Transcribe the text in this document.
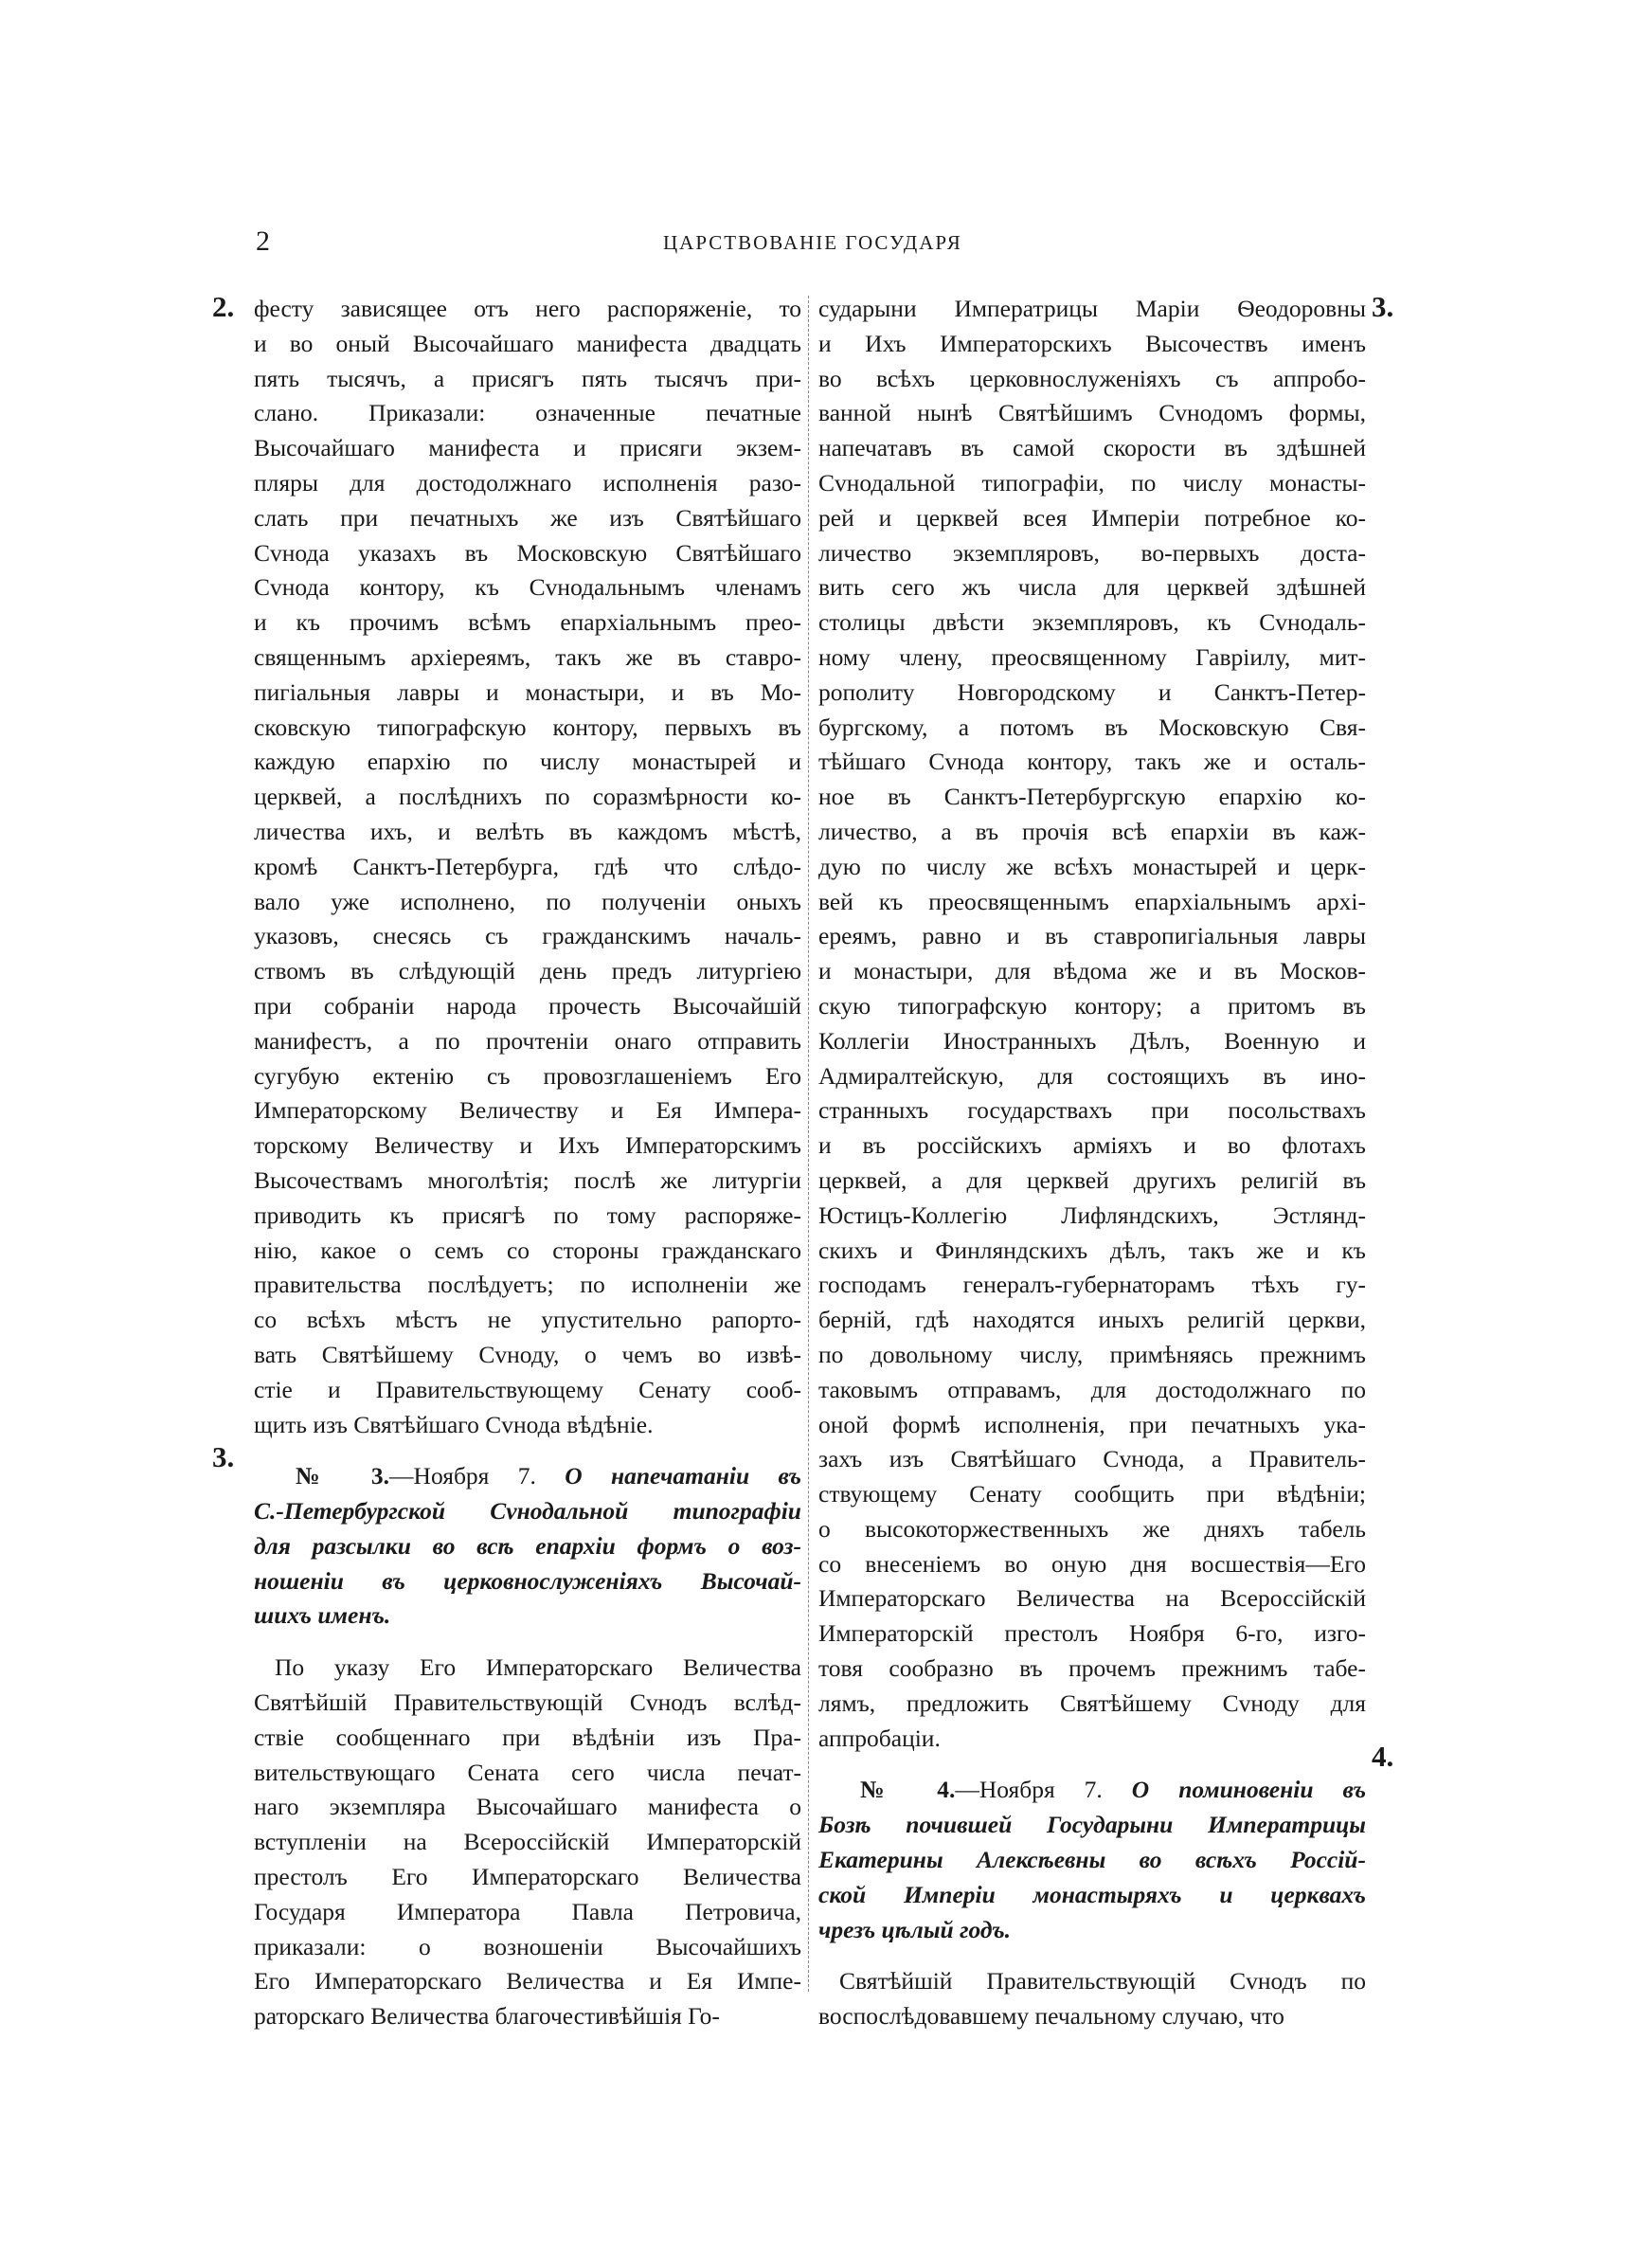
2	ЦАРСТВОВАНІЕ ГОСУДАРЯ
2.
3.
3.
4.
фесту зависящее отъ него распоряженіе, то
и во оный Высочайшаго манифеста двадцать
пять тысячъ, а присягъ пять тысячъ при-
слано. Приказали: означенные печатные
Высочайшаго манифеста и присяги экзем-
пляры для достодолжнаго исполненія разо-
слать при печатныхъ же изъ Святѣйшаго
Сvнода указахъ въ Московскую Святѣйшаго
Сvнода контору, къ Сvнодальнымъ членамъ
и къ прочимъ всѣмъ епархіальнымъ прео-
священнымъ архіереямъ, такъ же въ ставро-
пигіальныя лавры и монастыри, и въ Мо-
сковскую типографскую контору, первыхъ въ
каждую епархію по числу монастырей и
церквей, а послѣднихъ по соразмѣрности ко-
личества ихъ, и велѣть въ каждомъ мѣстѣ,
кромѣ Санктъ-Петербурга, гдѣ что слѣдо-
вало уже исполнено, по полученіи оныхъ
указовъ, снесясь съ гражданскимъ началь-
ствомъ въ слѣдующій день предъ литургіею
при собраніи народа прочесть Высочайшій
манифестъ, а по прочтеніи онаго отправить
сугубую ектенію съ провозглашеніемъ Его
Императорскому Величеству и Ея Импера-
торскому Величеству и Ихъ Императорскимъ
Высочествамъ многолѣтія; послѣ же литургіи
приводить къ присягѣ по тому распоряже-
нію, какое о семъ со стороны гражданскаго
правительства послѣдуетъ; по исполненіи же
со всѣхъ мѣстъ не упустительно рапорто-
вать Святѣйшему Сvноду, о чемъ во извѣ-
стіе и Правительствующему Сенату сооб-
щить изъ Святѣйшаго Сvнода вѣдѣніе.
№ 3.—Ноября 7. О напечатаніи въ
С.-Петербургской Сvнодальной типографіи
для разсылки во всѣ епархіи формъ о воз-
ношеніи въ церковнослуженіяхъ Высочай-
шихъ именъ.
По указу Его Императорскаго Величества
Святѣйшій Правительствующій Сvнодъ вслѣд-
ствіе сообщеннаго при вѣдѣніи изъ Пра-
вительствующаго Сената сего числа печат-
наго экземпляра Высочайшаго манифеста о
вступленіи на Всероссійскій Императорскій
престолъ Его Императорскаго Величества
Государя Императора Павла Петровича,
приказали: о возношеніи Высочайшихъ
Его Императорскаго Величества и Ея Импе-
раторскаго Величества благочестивѣйшія Го-
сударыни Императрицы Маріи Ѳеодоровны
и Ихъ Императорскихъ Высочествъ именъ
во всѣхъ церковнослуженіяхъ съ аппробо-
ванной нынѣ Святѣйшимъ Сvнодомъ формы,
напечатавъ въ самой скорости въ здѣшней
Сvнодальной типографіи, по числу монасты-
рей и церквей всея Имперіи потребное ко-
личество экземпляровъ, во-первыхъ доста-
вить сего жъ числа для церквей здѣшней
столицы двѣсти экземпляровъ, къ Сvнодаль-
ному члену, преосвященному Гавріилу, мит-
рополиту Новгородскому и Санктъ-Петер-
бургскому, а потомъ въ Московскую Свя-
тѣйшаго Сvнода контору, такъ же и осталь-
ное въ Санктъ-Петербургскую епархію ко-
личество, а въ прочія всѣ епархіи въ каж-
дую по числу же всѣхъ монастырей и церк-
вей къ преосвященнымъ епархіальнымъ архі-
ереямъ, равно и въ ставропигіальныя лавры
и монастыри, для вѣдома же и въ Москов-
скую типографскую контору; а притомъ въ
Коллегіи Иностранныхъ Дѣлъ, Военную и
Адмиралтейскую, для состоящихъ въ ино-
странныхъ государствахъ при посольствахъ
и въ россійскихъ арміяхъ и во флотахъ
церквей, а для церквей другихъ религій въ
Юстицъ-Коллегію Лифляндскихъ, Эстлянд-
скихъ и Финляндскихъ дѣлъ, такъ же и къ
господамъ генералъ-губернаторамъ тѣхъ гу-
берній, гдѣ находятся иныхъ религій церкви,
по довольному числу, примѣняясь прежнимъ
таковымъ отправамъ, для достодолжнаго по
оной формѣ исполненія, при печатныхъ ука-
захъ изъ Святѣйшаго Сvнода, а Правитель-
ствующему Сенату сообщить при вѣдѣніи;
о высокоторжественныхъ же дняхъ табель
со внесеніемъ во оную дня восшествія—Его
Императорскаго Величества на Всероссійскій
Императорскій престолъ Ноября 6-го, изго-
товя сообразно въ прочемъ прежнимъ табе-
лямъ, предложить Святѣйшему Сvноду для
аппробаціи.
№ 4.—Ноября 7. О поминовеніи въ
Бозѣ почившей Государыни Императрицы
Екатерины Алексѣевны во всѣхъ Россій-
ской Имперіи монастыряхъ и церквахъ
чрезъ цѣлый годъ.
Святѣйшій Правительствующій Сvнодъ по
воспослѣдовавшему печальному случаю, что
